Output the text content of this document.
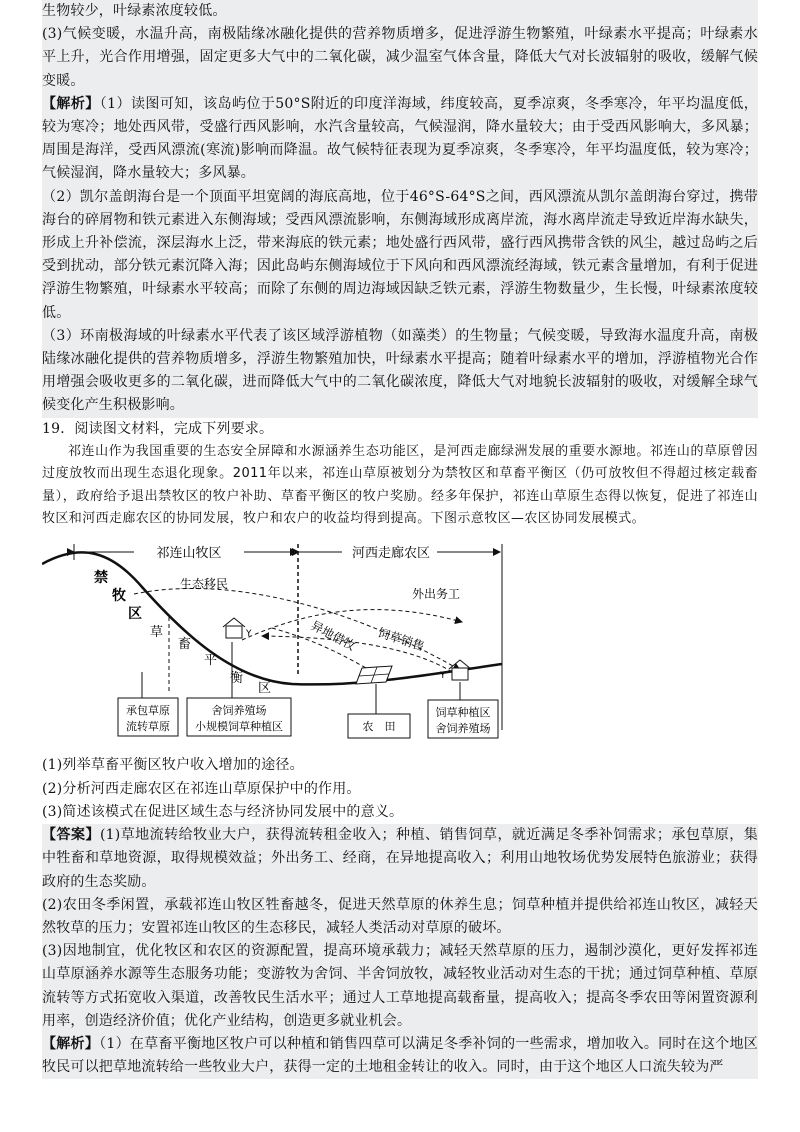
生物较少，叶绿素浓度较低。

(3)气候变暖，水温升高，南极陆缘冰融化提供的营养物质增多，促进浮游生物繁殖，叶绿素水平提高；叶绿素水平上升，光合作用增强，固定更多大气中的二氧化碳，减少温室气体含量，降低大气对长波辐射的吸收，缓解气候变暖。

【解析】（1）读图可知，该岛屿位于50°S附近的印度洋海域，纬度较高，夏季凉爽，冬季寒冷，年平均温度低，较为寒冷；地处西风带，受盛行西风影响，水汽含量较高，气候湿润，降水量较大；由于受西风影响大，多风暴；周围是海洋，受西风漂流(寒流)影响而降温。故气候特征表现为夏季凉爽，冬季寒冷，年平均温度低，较为寒冷；气候湿润，降水量较大；多风暴。

（2）凯尔盖朗海台是一个顶面平坦宽阔的海底高地，位于46°S-64°S之间，西风漂流从凯尔盖朗海台穿过，携带海台的碎屑物和铁元素进入东侧海域；受西风漂流影响，东侧海域形成离岸流，海水离岸流走导致近岸海水缺失，形成上升补偿流，深层海水上泛，带来海底的铁元素；地处盛行西风带，盛行西风携带含铁的风尘，越过岛屿之后受到扰动，部分铁元素沉降入海；因此岛屿东侧海域位于下风向和西风漂流经海域，铁元素含量增加，有利于促进浮游生物繁殖，叶绿素水平较高；而除了东侧的周边海域因缺乏铁元素，浮游生物数量少，生长慢，叶绿素浓度较低。

（3）环南极海域的叶绿素水平代表了该区域浮游植物（如藻类）的生物量；气候变暖，导致海水温度升高，南极陆缘冰融化提供的营养物质增多，浮游生物繁殖加快，叶绿素水平提高；随着叶绿素水平的增加，浮游植物光合作用增强会吸收更多的二氧化碳，进而降低大气中的二氧化碳浓度，降低大气对地貌长波辐射的吸收，对缓解全球气候变化产生积极影响。

19．阅读图文材料，完成下列要求。

祁连山作为我国重要的生态安全屏障和水源涵养生态功能区，是河西走廊绿洲发展的重要水源地。祁连山的草原曾因过度放牧而出现生态退化现象。2011年以来，祁连山草原被划分为禁牧区和草畜平衡区（仍可放牧但不得超过核定载畜量），政府给予退出禁牧区的牧户补助、草畜平衡区的牧户奖励。经多年保护，祁连山草原生态得以恢复，促进了祁连山牧区和河西走廊农区的协同发展，牧户和农户的收益均得到提高。下图示意牧区—农区协同发展模式。

祁连山牧区	河西走廊农区
禁
牧
区
草
畜
平
衡
区
生态移民
外出务工
异地借牧 饲草销售
Y
Y
承包草原
流转草原
舍饲养殖场
小规模饲草种植区	农　田
饲草种植区
舍饲养殖场

(1)列举草畜平衡区牧户收入增加的途径。

(2)分析河西走廊农区在祁连山草原保护中的作用。

(3)简述该模式在促进区域生态与经济协同发展中的意义。

【答案】(1)草地流转给牧业大户，获得流转租金收入；种植、销售饲草，就近满足冬季补饲需求；承包草原，集中牲畜和草地资源，取得规模效益；外出务工、经商，在异地提高收入；利用山地牧场优势发展特色旅游业；获得政府的生态奖励。

(2)农田冬季闲置，承载祁连山牧区牲畜越冬，促进天然草原的休养生息；饲草种植并提供给祁连山牧区，减轻天然牧草的压力；安置祁连山牧区的生态移民，减轻人类活动对草原的破坏。

(3)因地制宜，优化牧区和农区的资源配置，提高环境承载力；减轻天然草原的压力，遏制沙漠化，更好发挥祁连山草原涵养水源等生态服务功能；变游牧为舍饲、半舍饲放牧，减轻牧业活动对生态的干扰；通过饲草种植、草原流转等方式拓宽收入渠道，改善牧民生活水平；通过人工草地提高载畜量，提高收入；提高冬季农田等闲置资源利用率，创造经济价值；优化产业结构，创造更多就业机会。

【解析】（1）在草畜平衡地区牧户可以种植和销售四草可以满足冬季补饲的一些需求，增加收入。同时在这个地区牧民可以把草地流转给一些牧业大户，获得一定的土地租金转让的收入。同时，由于这个地区人口流失较为严
